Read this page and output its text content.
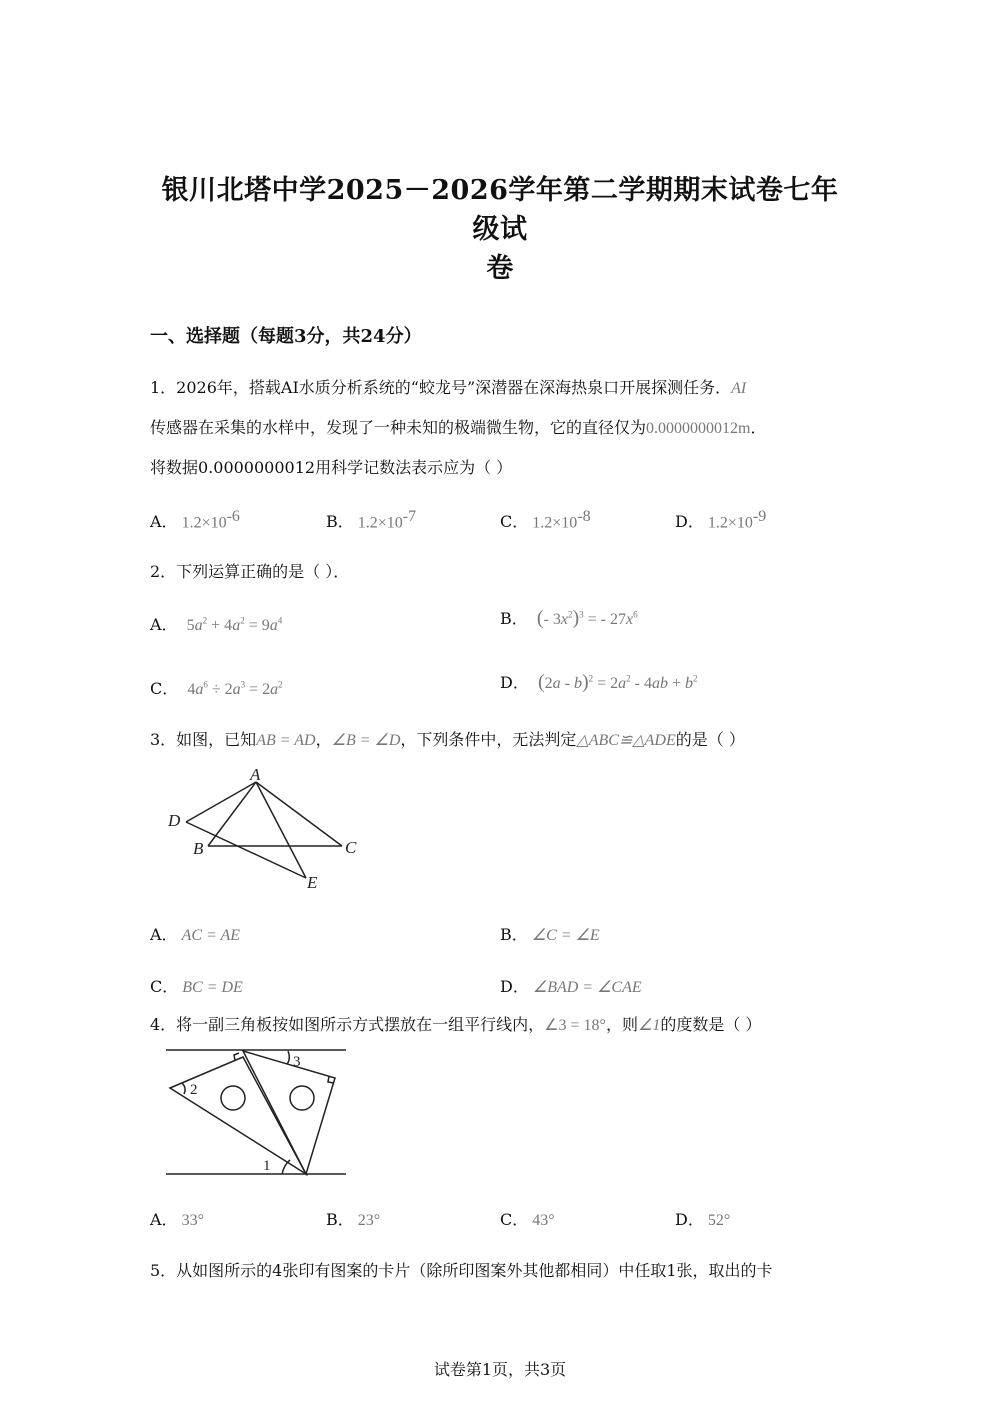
银川北塔中学2025－2026学年第二学期期末试卷七年级试
卷
一、选择题（每题3分，共24分）
1．2026年，搭载AI水质分析系统的“蛟龙号”深潜器在深海热泉口开展探测任务．AI
传感器在采集的水样中，发现了一种未知的极端微生物，它的直径仅为0.0000000012m．
将数据0.0000000012用科学记数法表示应为（ ）
A． $1.2\times 10^{-6}$	B． $1.2\times 10^{-7}$	C． $1.2\times 10^{-8}$	D． $1.2\times 10^{-9}$
2．下列运算正确的是（ ）．
A． $5a^2 + 4a^2 = 9a^4$	B． (- $3x^2)^3$ = - $27x^6$
C． $4a^6 \div 2a^3 = 2a^2$	D． $(2a - b)^2 = 2a^2 - 4ab + b^2$
3．如图，已知AB = AD，∠B = ∠D，下列条件中，无法判定△ABC≌△ADE的是（ ）
A
D
B	C
E
A． AC = AE	B． ∠C = ∠E
C． BC = DE	D． ∠BAD = ∠CAE
4．将一副三角板按如图所示方式摆放在一组平行线内，∠3 = 18°，则∠1的度数是（ ）
2
3
1
A． 33°	B． 23°	C． 43°	D． 52°
5．从如图所示的4张印有图案的卡片（除所印图案外其他都相同）中任取1张，取出的卡
试卷第1页，共3页
